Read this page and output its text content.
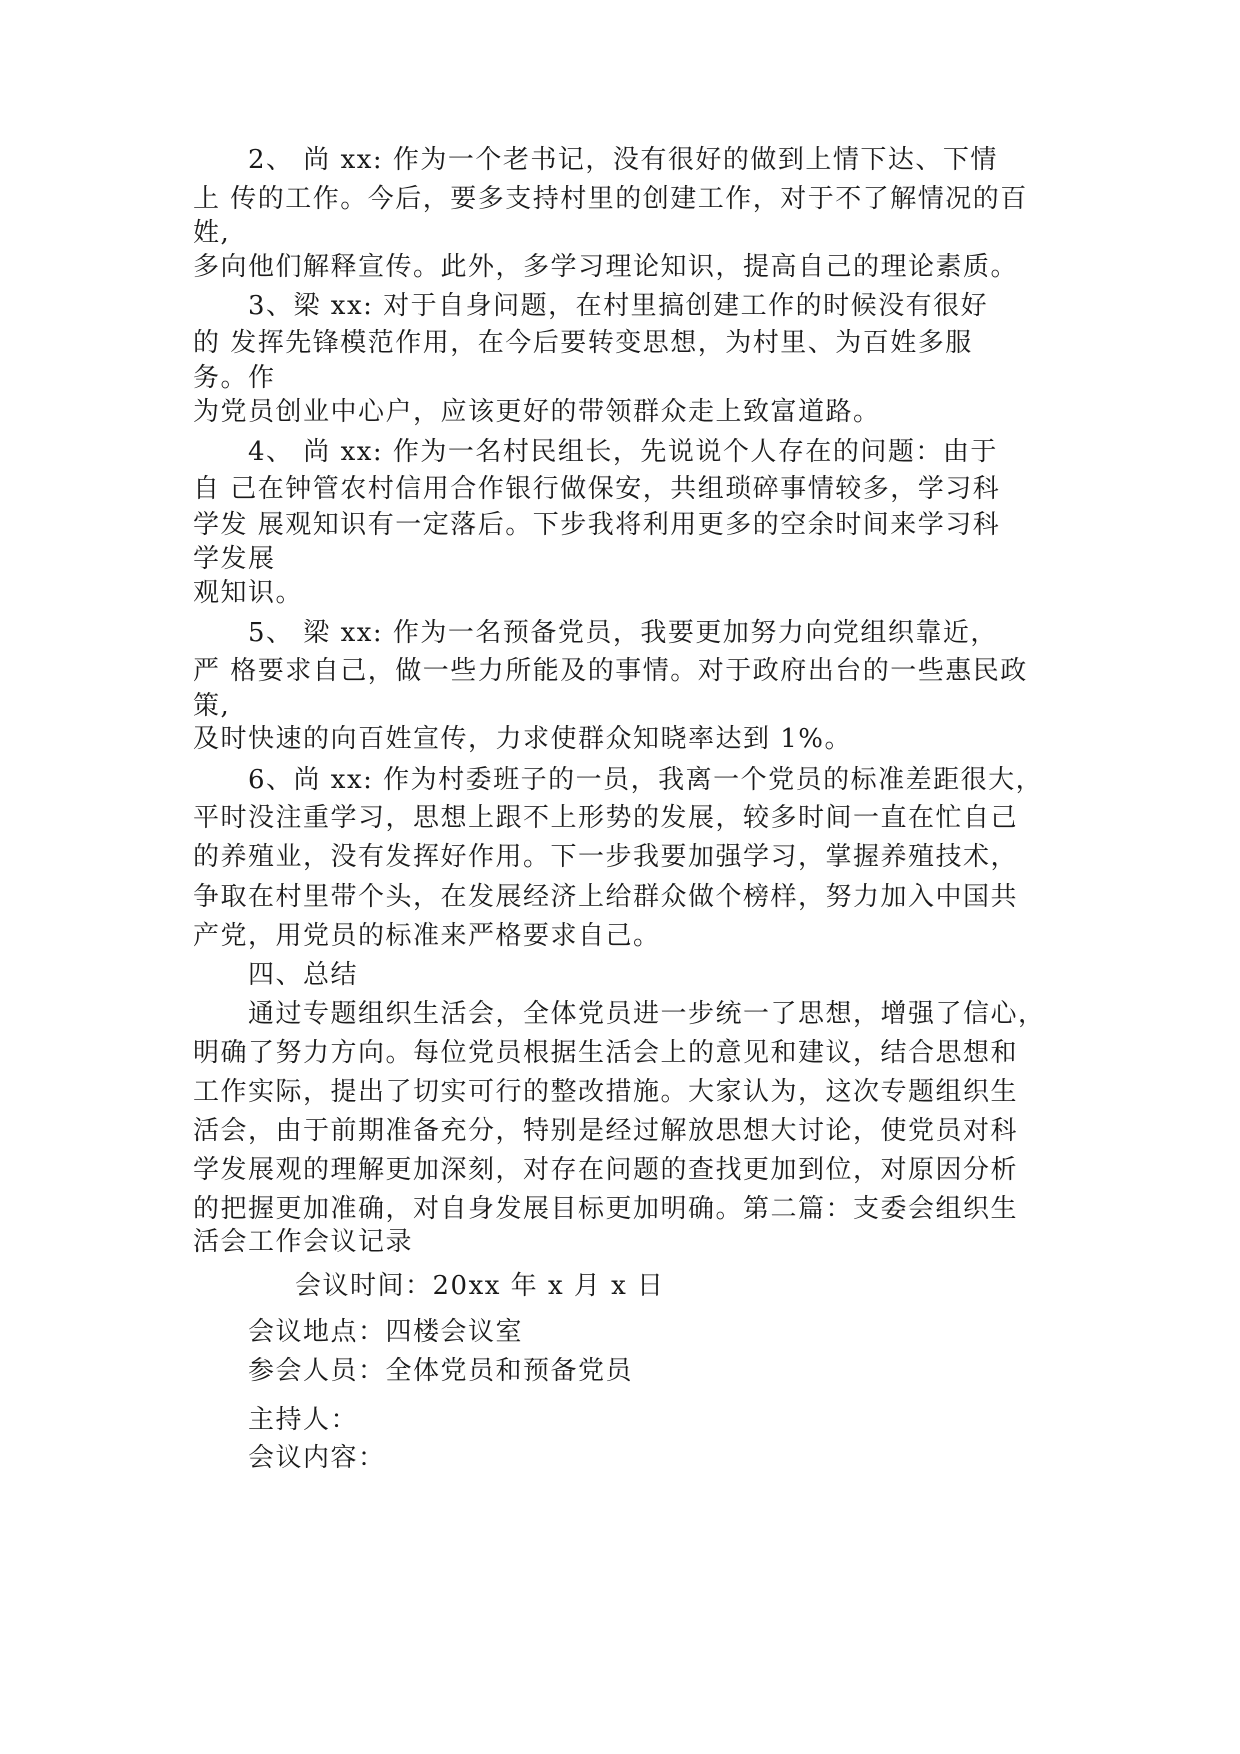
2、 尚 xx: 作为一个老书记，没有很好的做到上情下达、下情
上 传的工作。今后，要多支持村里的创建工作，对于不了解情况的百
姓,
多向他们解释宣传。此外，多学习理论知识，提高自己的理论素质。
3、梁 xx: 对于自身问题，在村里搞创建工作的时候没有很好
的 发挥先锋模范作用，在今后要转变思想，为村里、为百姓多服
务。作
为党员创业中心户，应该更好的带领群众走上致富道路。
4、 尚 xx: 作为一名村民组长，先说说个人存在的问题：由于
自 己在钟管农村信用合作银行做保安，共组琐碎事情较多，学习科
学发 展观知识有一定落后。下步我将利用更多的空余时间来学习科
学发展
观知识。
5、 梁 xx: 作为一名预备党员，我要更加努力向党组织靠近，
严 格要求自己，做一些力所能及的事情。对于政府出台的一些惠民政
策,
及时快速的向百姓宣传，力求使群众知晓率达到 1%。
6、尚 xx: 作为村委班子的一员，我离一个党员的标准差距很大，
平时没注重学习，思想上跟不上形势的发展，较多时间一直在忙自己
的养殖业，没有发挥好作用。下一步我要加强学习，掌握养殖技术，
争取在村里带个头，在发展经济上给群众做个榜样，努力加入中国共
产党，用党员的标准来严格要求自己。
四、总结
通过专题组织生活会，全体党员进一步统一了思想，增强了信心，
明确了努力方向。每位党员根据生活会上的意见和建议，结合思想和
工作实际，提出了切实可行的整改措施。大家认为，这次专题组织生
活会，由于前期准备充分，特别是经过解放思想大讨论，使党员对科
学发展观的理解更加深刻，对存在问题的查找更加到位，对原因分析
的把握更加准确，对自身发展目标更加明确。第二篇：支委会组织生
活会工作会议记录
会议时间：20xx 年 x 月 x 日
会议地点：四楼会议室
参会人员：全体党员和预备党员
主持人：
会议内容：
